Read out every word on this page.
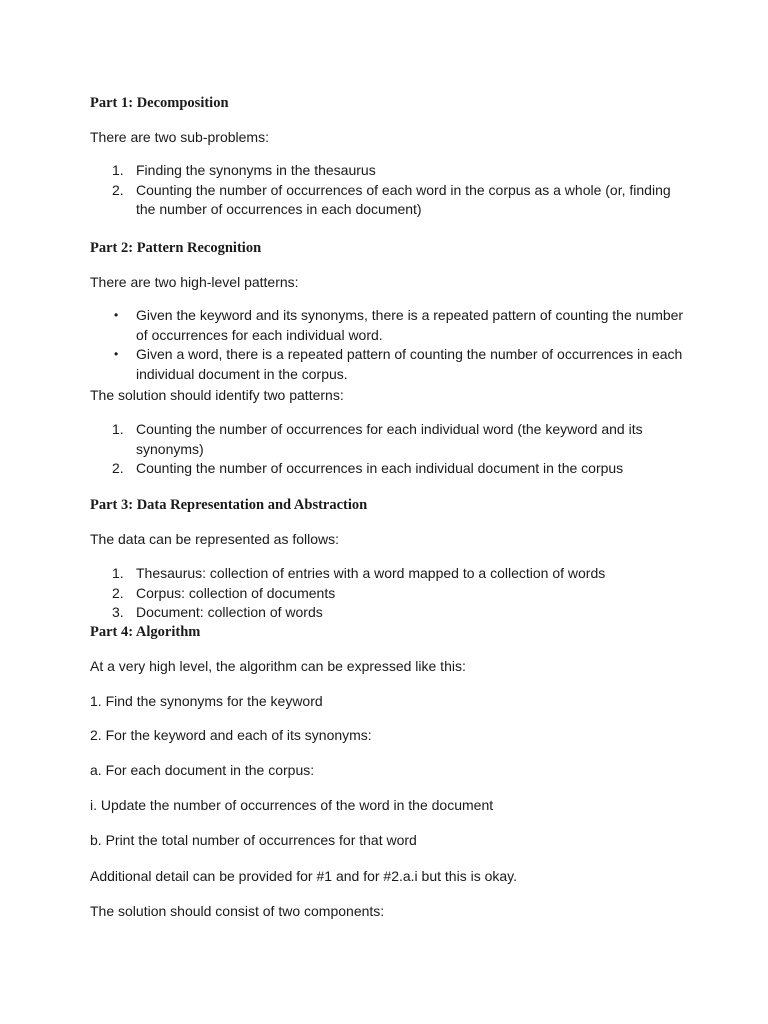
Part 1: Decomposition

There are two sub-problems:

1. Finding the synonyms in the thesaurus
2. Counting the number of occurrences of each word in the corpus as a whole (or, finding the number of occurrences in each document)
Part 2: Pattern Recognition

There are two high-level patterns:

• Given the keyword and its synonyms, there is a repeated pattern of counting the number of occurrences for each individual word.
• Given a word, there is a repeated pattern of counting the number of occurrences in each individual document in the corpus.

The solution should identify two patterns:

1. Counting the number of occurrences for each individual word (the keyword and its synonyms)
2. Counting the number of occurrences in each individual document in the corpus
Part 3: Data Representation and Abstraction

The data can be represented as follows:

1. Thesaurus: collection of entries with a word mapped to a collection of words
2. Corpus: collection of documents
3. Document: collection of words
Part 4: Algorithm

At a very high level, the algorithm can be expressed like this:

1. Find the synonyms for the keyword

2. For the keyword and each of its synonyms:

a. For each document in the corpus:

i. Update the number of occurrences of the word in the document

b. Print the total number of occurrences for that word

Additional detail can be provided for #1 and for #2.a.i but this is okay.

The solution should consist of two components:
